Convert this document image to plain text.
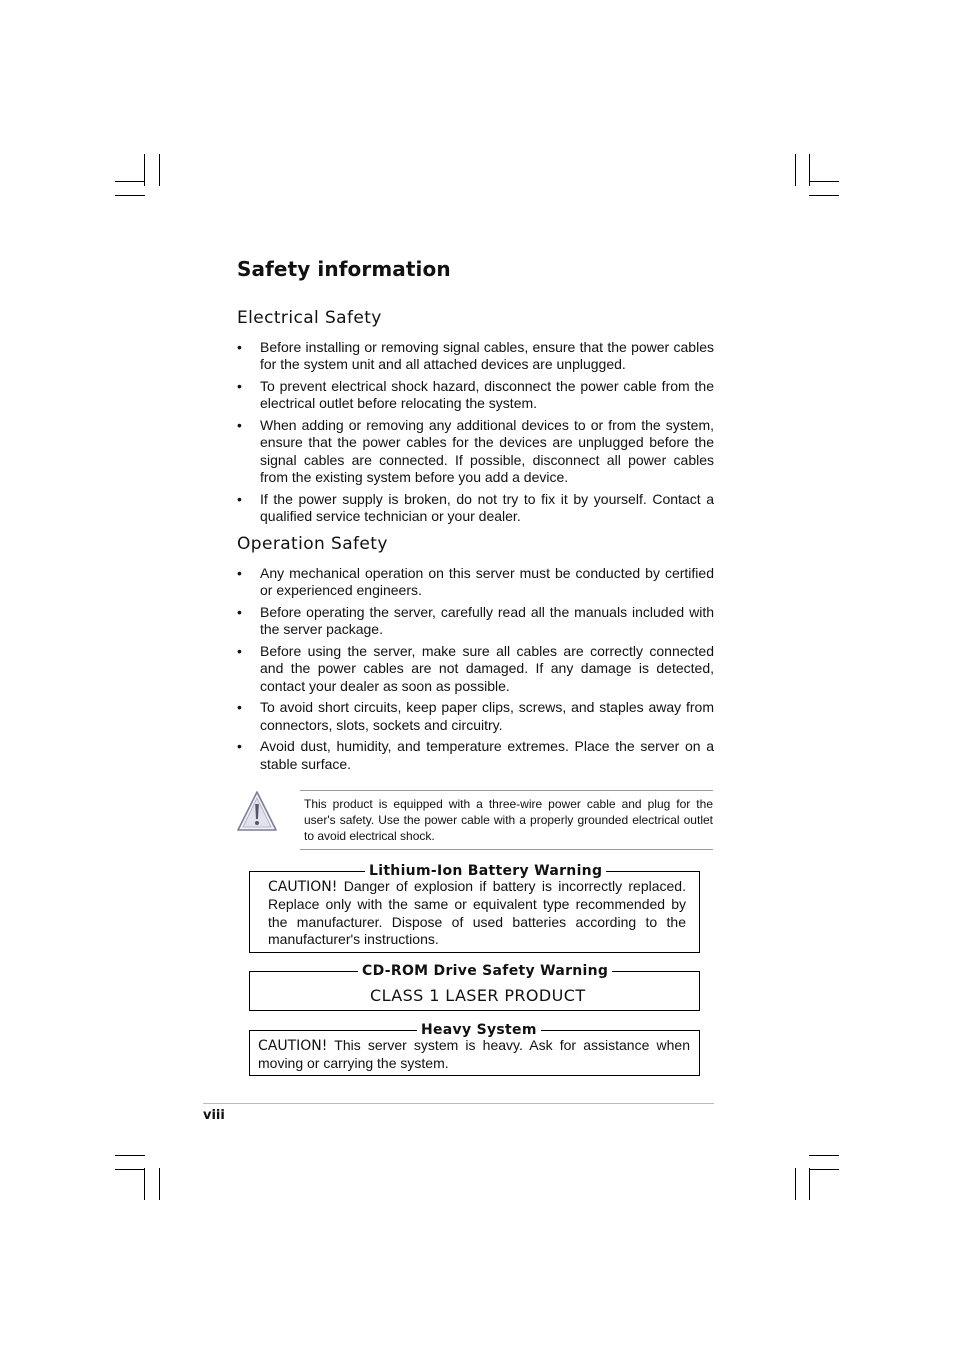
Safety information
Electrical Safety
• Before installing or removing signal cables, ensure that the power cables for the system unit and all attached devices are unplugged.
• To prevent electrical shock hazard, disconnect the power cable from the electrical outlet before relocating the system.
• When adding or removing any additional devices to or from the system, ensure that the power cables for the devices are unplugged before the signal cables are connected. If possible, disconnect all power cables from the existing system before you add a device.
• If the power supply is broken, do not try to fix it by yourself. Contact a qualified service technician or your dealer.
Operation Safety
• Any mechanical operation on this server must be conducted by certified or experienced engineers.
• Before operating the server, carefully read all the manuals included with the server package.
• Before using the server, make sure all cables are correctly connected and the power cables are not damaged. If any damage is detected, contact your dealer as soon as possible.
• To avoid short circuits, keep paper clips, screws, and staples away from connectors, slots, sockets and circuitry.
• Avoid dust, humidity, and temperature extremes. Place the server on a stable surface.

This product is equipped with a three-wire power cable and plug for the user's safety. Use the power cable with a properly grounded electrical outlet to avoid electrical shock.

Lithium-Ion Battery Warning

CAUTION! Danger of explosion if battery is incorrectly replaced. Replace only with the same or equivalent type recommended by the manufacturer. Dispose of used batteries according to the manufacturer's instructions.

CD-ROM Drive Safety Warning

CLASS 1 LASER PRODUCT

Heavy System

CAUTION! This server system is heavy. Ask for assistance when moving or carrying the system.

viii
